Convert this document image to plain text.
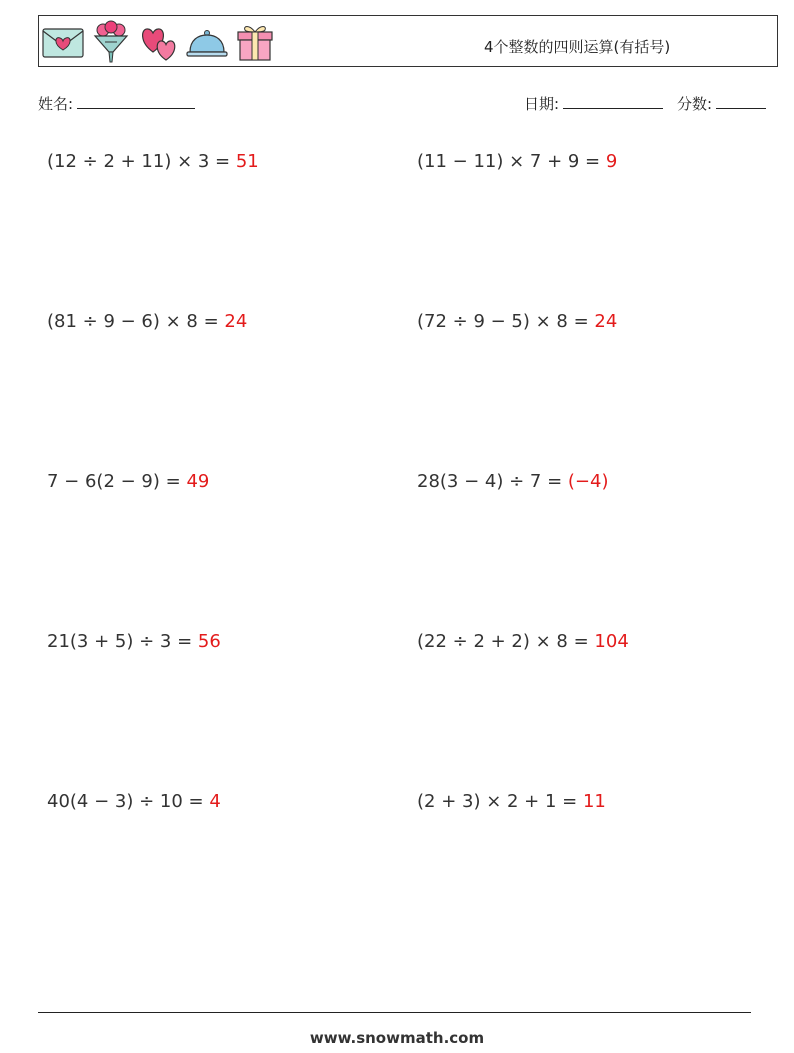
4个整数的四则运算(有括号)
姓名:	日期:	分数:
(12 ÷ 2 + 11) × 3 = 51	(11 − 11) × 7 + 9 = 9
(81 ÷ 9 − 6) × 8 = 24	(72 ÷ 9 − 5) × 8 = 24
7 − 6(2 − 9) = 49	28(3 − 4) ÷ 7 = (−4)
21(3 + 5) ÷ 3 = 56	(22 ÷ 2 + 2) × 8 = 104
40(4 − 3) ÷ 10 = 4	(2 + 3) × 2 + 1 = 11
www.snowmath.com
